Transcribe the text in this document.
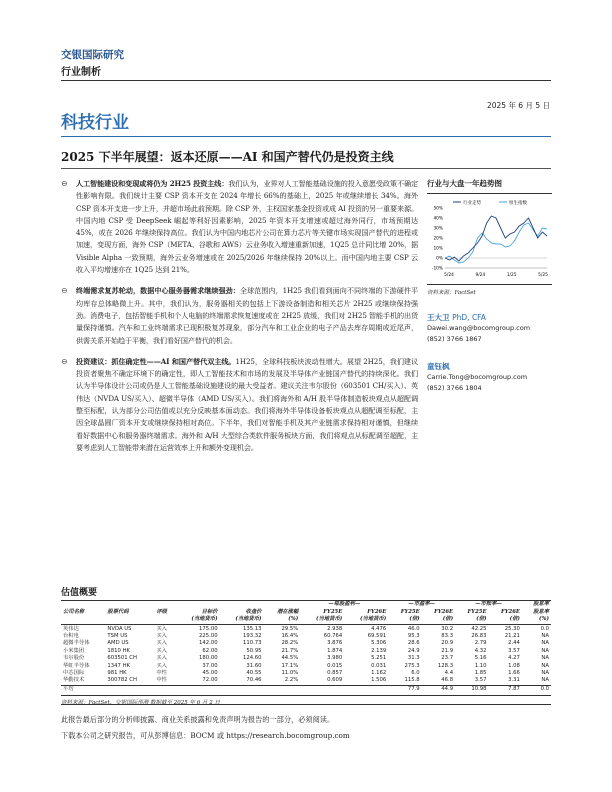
交银国际研究
行业制析
2025 年 6 月 5 日
科技行业
2025 下半年展望：返本还原——AI 和国产替代仍是投资主线
⊖ 人工智能建设和变现或将仍为 2H25 投资主线：我们认为，业界对人工智能基础设施的投入意愿受政策不确定性影响有限。我们统计主要 CSP 资本开支在 2024 年增长 66%的基础上，2025 年或继续增长 34%。海外 CSP 资本开支进一步上升，并超市场此前预期。除 CSP 外，主权国家基金投资或成 AI 投资的另一重要来源。中国内地 CSP 受 DeepSeek 崛起等利好因素影响，2025 年资本开支增速或超过海外同行，市场预期达 45%，或在 2026 年继续保持高位。我们认为中国内地芯片公司在算力芯片等关键市场实现国产替代的进程或加速，变现方面，海外 CSP（META、谷歌和 AWS）云业务收入增速重新加速，1Q25 总计同比增 20%，据 Visible Alpha 一致预期，海外云业务增速或在 2025/2026 年继续保持 20%以上。而中国内地主要 CSP 云收入平均增速亦在 1Q25 达到 21%。
⊖ 终端需求复苏轮动，数据中心服务器需求继续强劲：全球范围内，1H25 我们看到面向不同终端的下游硬件平均库存总体略微上升。其中，我们认为，服务器相关的包括上下游设备制造和相关芯片 2H25 或继续保持强劲。消费电子，包括智能手机和个人电脑的终端需求恢复速度或在 2H25 放缓，我们对 2H25 智能手机的出货量保持谨慎。汽车和工业终端需求已现积极复苏现象，部分汽车和工业企业的电子产品去库存周期或近尾声，供需关系开始趋于平衡，我们看好国产替代的机会。
⊖ 投资建议：抓住确定性——AI 和国产替代双主线。1H25，全球科技板块波动性增大。展望 2H25，我们建议投资者聚焦不确定环境下的确定性，即人工智能技术和市场的发展及半导体产业链国产替代的持续深化。我们认为半导体设计公司或仍是人工智能基础设施建设的最大受益者。建议关注韦尔股份（603501 CH/买入）、英伟达（NVDA US/买入）、超微半导体（AMD US/买入）。我们将海外和 A/H 股半导体制造板块观点从超配调整至标配，认为部分公司估值或以充分反映基本面动态。我们将海外半导体设备板块观点从超配调至标配，主因全球晶圆厂资本开支或继续保持相对高位。下半年，我们对智能手机及其产业链需求保持相对谨慎，但继续看好数据中心和服务器终端需求。海外和 A/H 大型综合类软件服务板块方面，我们将观点从标配调至超配，主要考虑到人工智能带来潜在运营效率上升和额外变现机会。
行业与大盘一年趋势图
行业走势	恒生指数
50%
40%
30%
20%
10%
0%
-10%
5/24	9/24	1/25	5/25
资料来源：FactSet
王大卫 PhD, CFA
Dawei.wang@bocomgroup.com
(852) 3766 1867
童钰枫
Carrie.Tong@bocomgroup.com
(852) 3766 1804
估值概要
						—每股盈利—		—市盈率—		—市账率—		股息率
公司名称	股票代码	评级	目标价	收盘价	潜在涨幅	FY25E	FY26E	FY25E	FY26E	FY25E	FY26E	股息率
			(当地货币)	(当地货币)	(%)	(当地货币)	(当地货币)	(倍)	(倍)	(倍)	(倍)	(%)
英伟达	NVDA US	买入	175.00	135.13	29.5%	2.938	4.476	46.0	30.2	42.25	25.30	0.0
台积电	TSM US	买入	225.00	193.32	16.4%	60.764	69.591	95.3	83.3	26.83	21.21	NA
超微半导体	AMD US	买入	142.00	110.73	28.2%	3.876	5.306	28.6	20.9	2.79	2.44	NA
小米集团	1810 HK	买入	62.00	50.95	21.7%	1.874	2.139	24.9	21.9	4.32	3.57	NA
韦尔股份	603501 CH	买入	180.00	124.60	44.5%	3.980	5.251	31.3	23.7	5.16	4.27	NA
华虹半导体	1347 HK	买入	37.00	31.60	17.1%	0.015	0.031	275.3	128.3	1.10	1.08	NA
中芯国际	981 HK	中性	45.00	40.55	11.0%	0.857	1.162	6.0	4.4	1.85	1.66	NA
华勤技术	300782 CH	中性	72.00	70.46	2.2%	0.609	1.506	115.8	46.8	3.57	3.31	NA
平均								77.9	44.9	10.98	7.87	0.0
资料来源：FactSet、交银国际预测 数据截至 2025 年 6 月 2 日
此报告最后部分的分析师披露、商业关系披露和免责声明为报告的一部分，必须阅读。
下载本公司之研究报告，可从彭博信息：BOCM 或 https://research.bocomgroup.com
